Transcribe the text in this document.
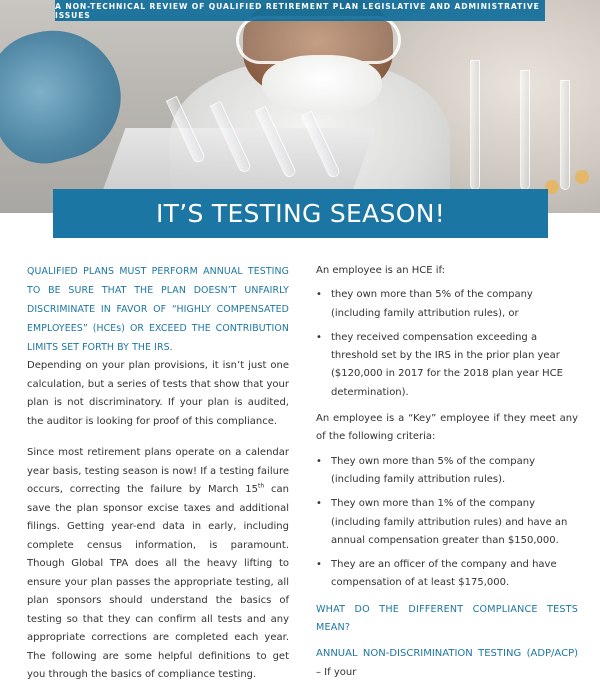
A NON-TECHNICAL REVIEW OF QUALIFIED RETIREMENT PLAN LEGISLATIVE AND ADMINISTRATIVE ISSUES
IT’S TESTING SEASON!

QUALIFIED PLANS MUST PERFORM ANNUAL TESTING TO BE SURE THAT THE PLAN DOESN’T UNFAIRLY DISCRIMINATE IN FAVOR OF “HIGHLY COMPENSATED EMPLOYEES” (HCEs) OR EXCEED THE CONTRIBUTION LIMITS SET FORTH BY THE IRS.

Depending on your plan provisions, it isn’t just one calculation, but a series of tests that show that your plan is not discriminatory. If your plan is audited, the auditor is looking for proof of this compliance.

Since most retirement plans operate on a calendar year basis, testing season is now! If a testing failure occurs, correcting the failure by March 15th can save the plan sponsor excise taxes and additional filings. Getting year-end data in early, including complete census information, is paramount. Though Global TPA does all the heavy lifting to ensure your plan passes the appropriate testing, all plan sponsors should understand the basics of testing so that they can confirm all tests and any appropriate corrections are completed each year. The following are some helpful definitions to get you through the basics of compliance testing.

An employee is an HCE if:

• they own more than 5% of the company (including family attribution rules), or
• they received compensation exceeding a threshold set by the IRS in the prior plan year ($120,000 in 2017 for the 2018 plan year HCE determination).

An employee is a “Key” employee if they meet any of the following criteria:

• They own more than 5% of the company (including family attribution rules).
• They own more than 1% of the company (including family attribution rules) and have an annual compensation greater than $150,000.
• They are an officer of the company and have compensation of at least $175,000.

WHAT DO THE DIFFERENT COMPLIANCE TESTS MEAN?

ANNUAL NON-DISCRIMINATION TESTING (ADP/ACP) – If your
